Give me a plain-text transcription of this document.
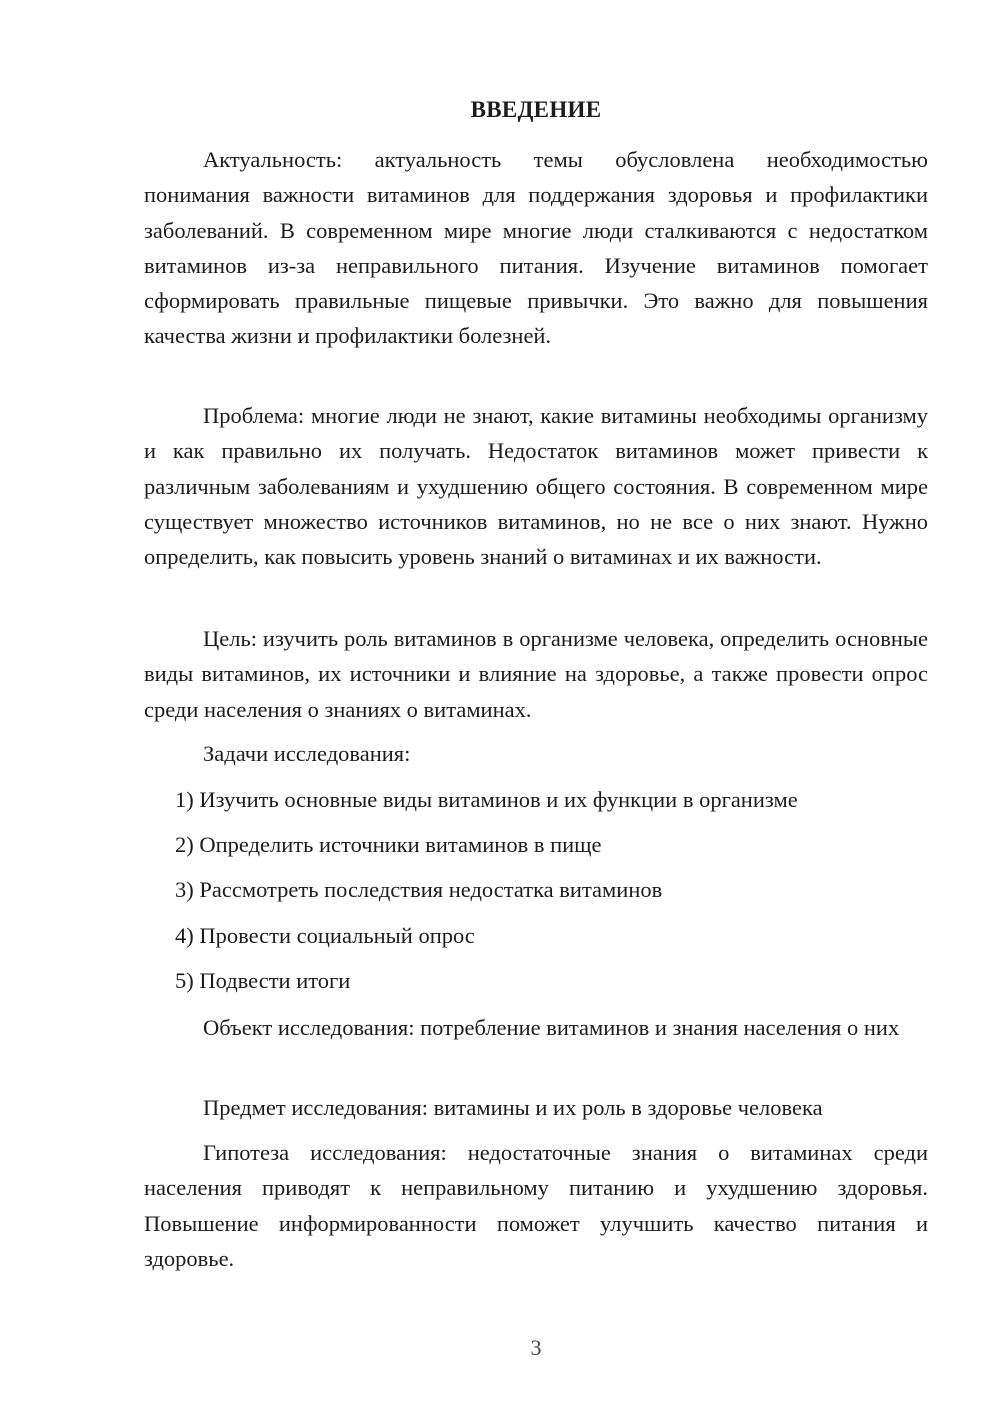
ВВЕДЕНИЕ

Актуальность: актуальность темы обусловлена необходимостью понимания важности витаминов для поддержания здоровья и профилактики заболеваний. В современном мире многие люди сталкиваются с недостатком витаминов из-за неправильного питания. Изучение витаминов помогает сформировать правильные пищевые привычки. Это важно для повышения качества жизни и профилактики болезней.

Проблема: многие люди не знают, какие витамины необходимы организму и как правильно их получать. Недостаток витаминов может привести к различным заболеваниям и ухудшению общего состояния. В современном мире существует множество источников витаминов, но не все о них знают. Нужно определить, как повысить уровень знаний о витаминах и их важности.

Цель: изучить роль витаминов в организме человека, определить основные виды витаминов, их источники и влияние на здоровье, а также провести опрос среди населения о знаниях о витаминах.

Задачи исследования:

1) Изучить основные виды витаминов и их функции в организме

2) Определить источники витаминов в пище

3) Рассмотреть последствия недостатка витаминов

4) Провести социальный опрос

5) Подвести итоги

Объект исследования: потребление витаминов и знания населения о них

Предмет исследования: витамины и их роль в здоровье человека

Гипотеза исследования: недостаточные знания о витаминах среди населения приводят к неправильному питанию и ухудшению здоровья. Повышение информированности поможет улучшить качество питания и здоровье.

3
